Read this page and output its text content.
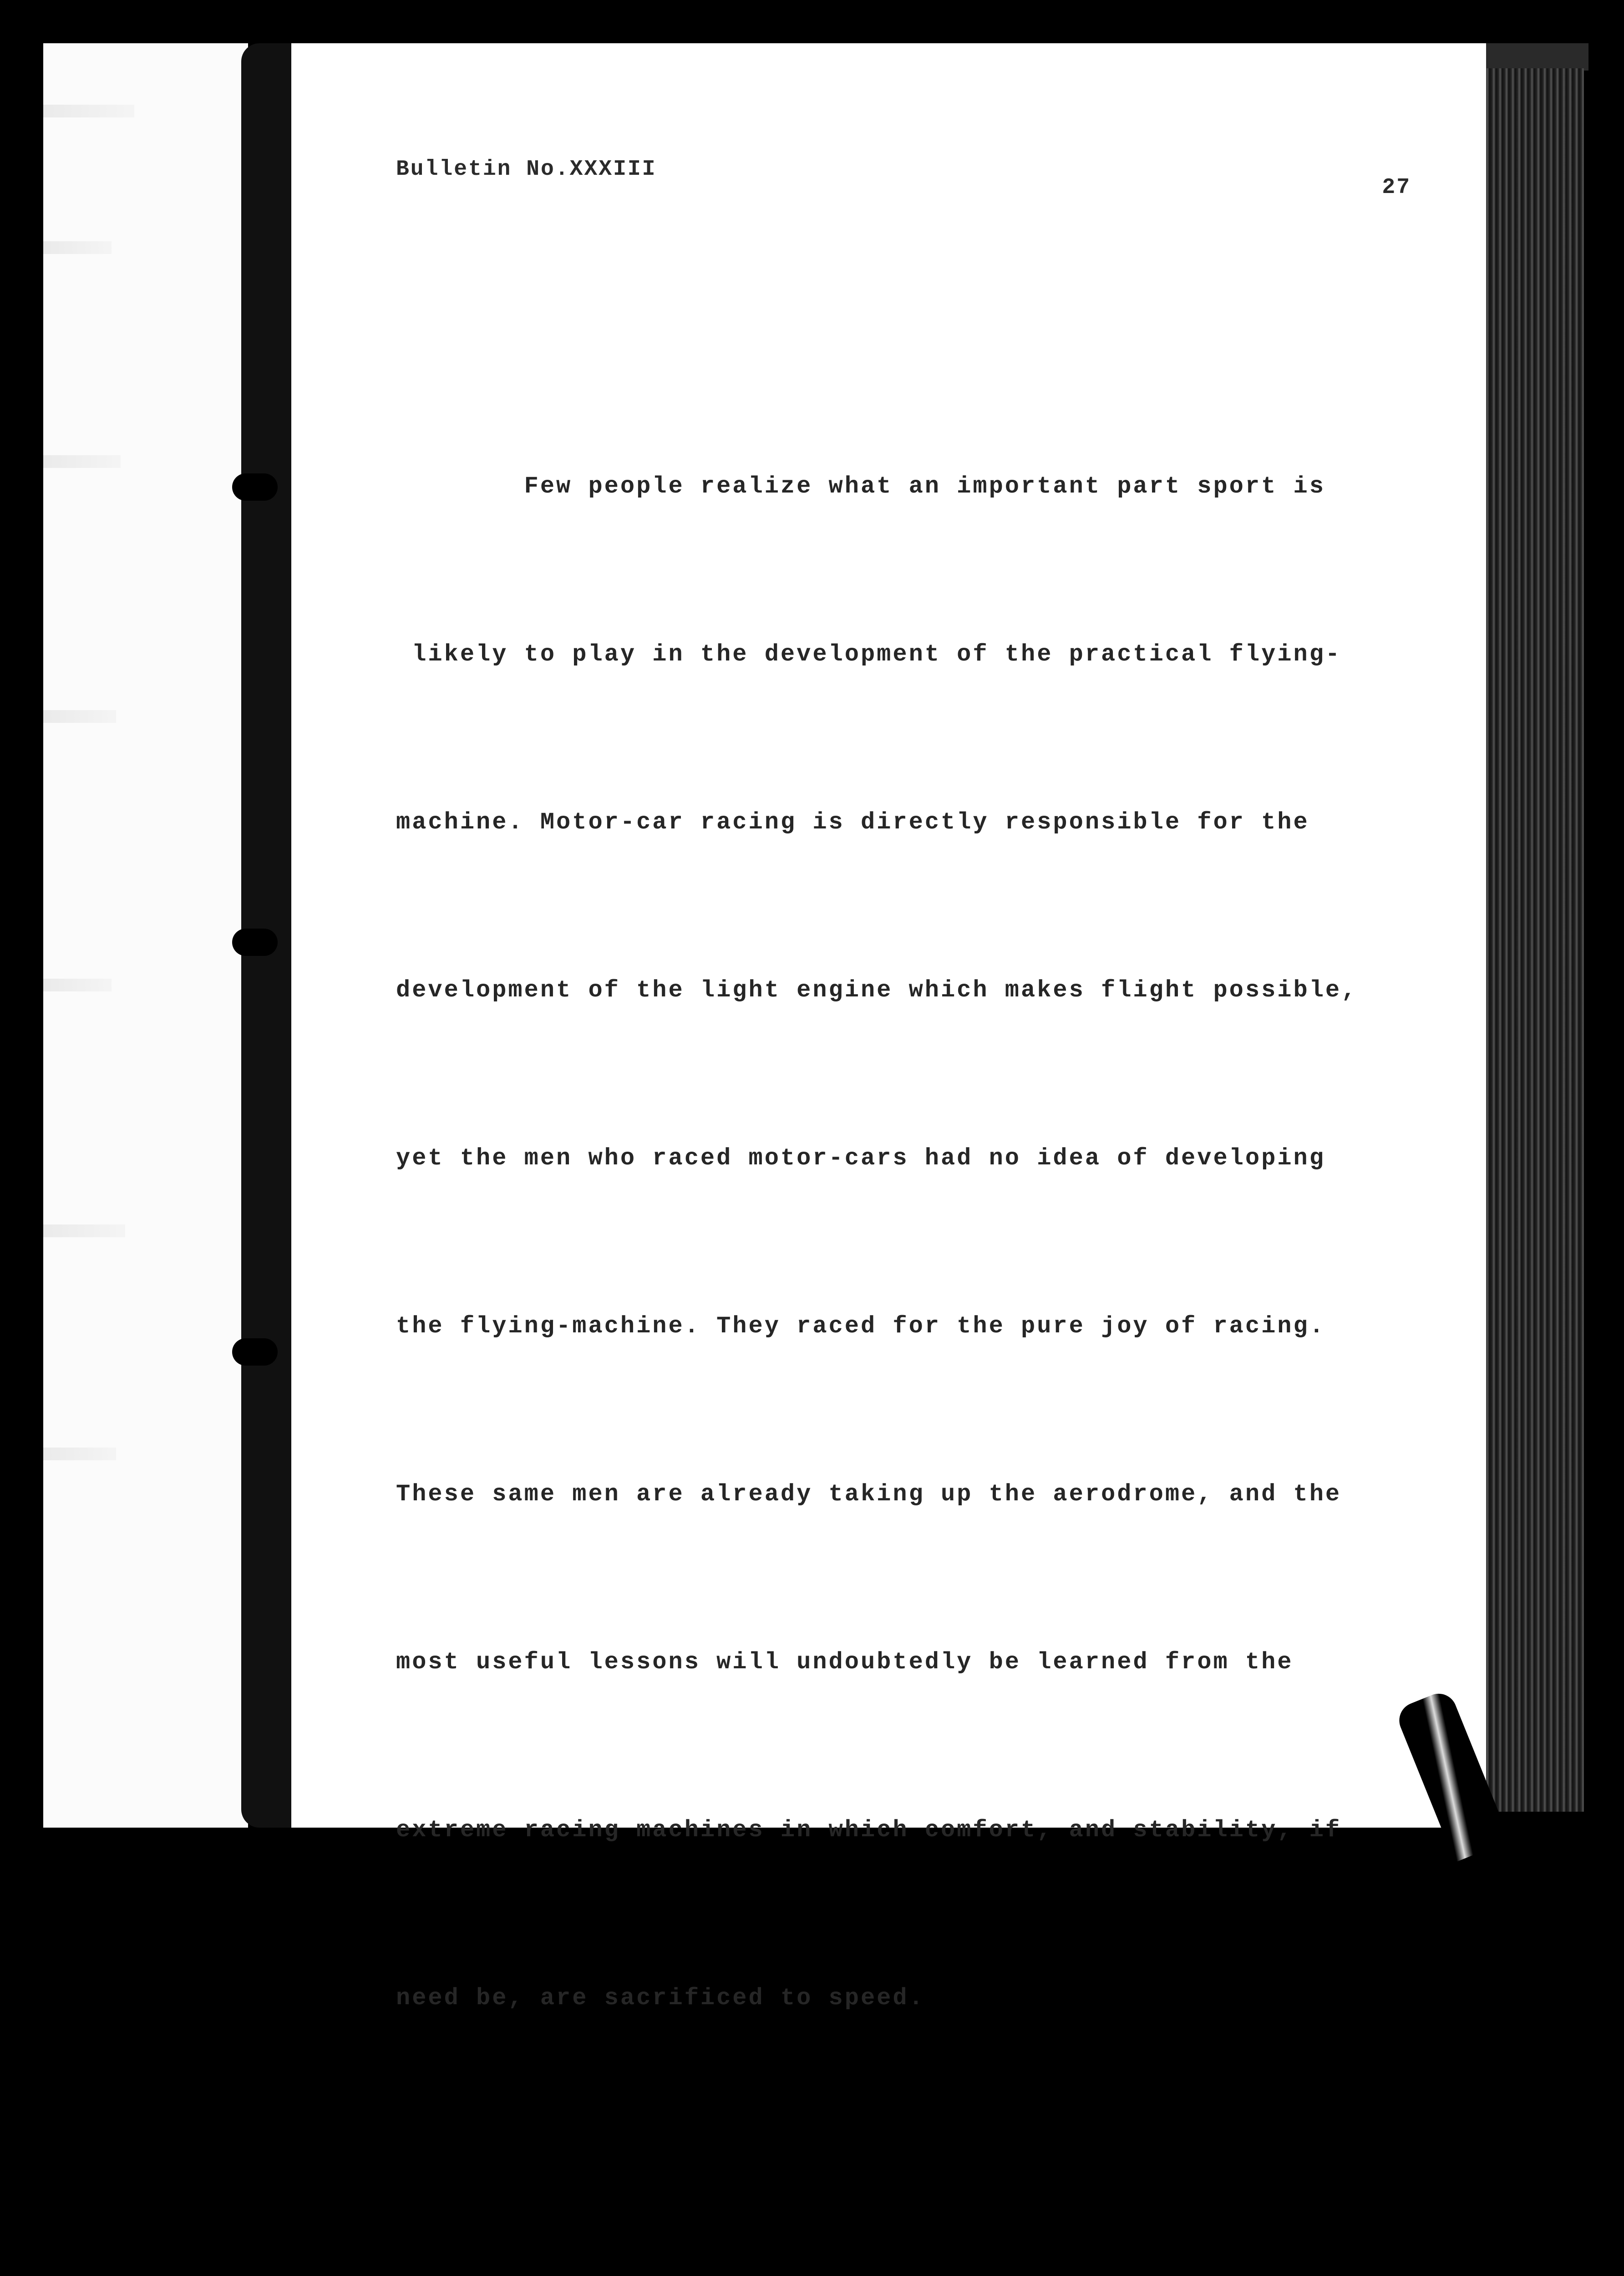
Bulletin No.XXXIII
27

Few people realize what an important part sport is

likely to play in the development of the practical flying-

machine. Motor-car racing is directly responsible for the

development of the light engine which makes flight possible,

yet the men who raced motor-cars had no idea of developing

the flying-machine. They raced for the pure joy of racing.

These same men are already taking up the aerodrome, and the

most useful lessons will undoubtedly be learned from the

extreme racing machines in which comfort, and stability, if

need be, are sacrificed to speed.
